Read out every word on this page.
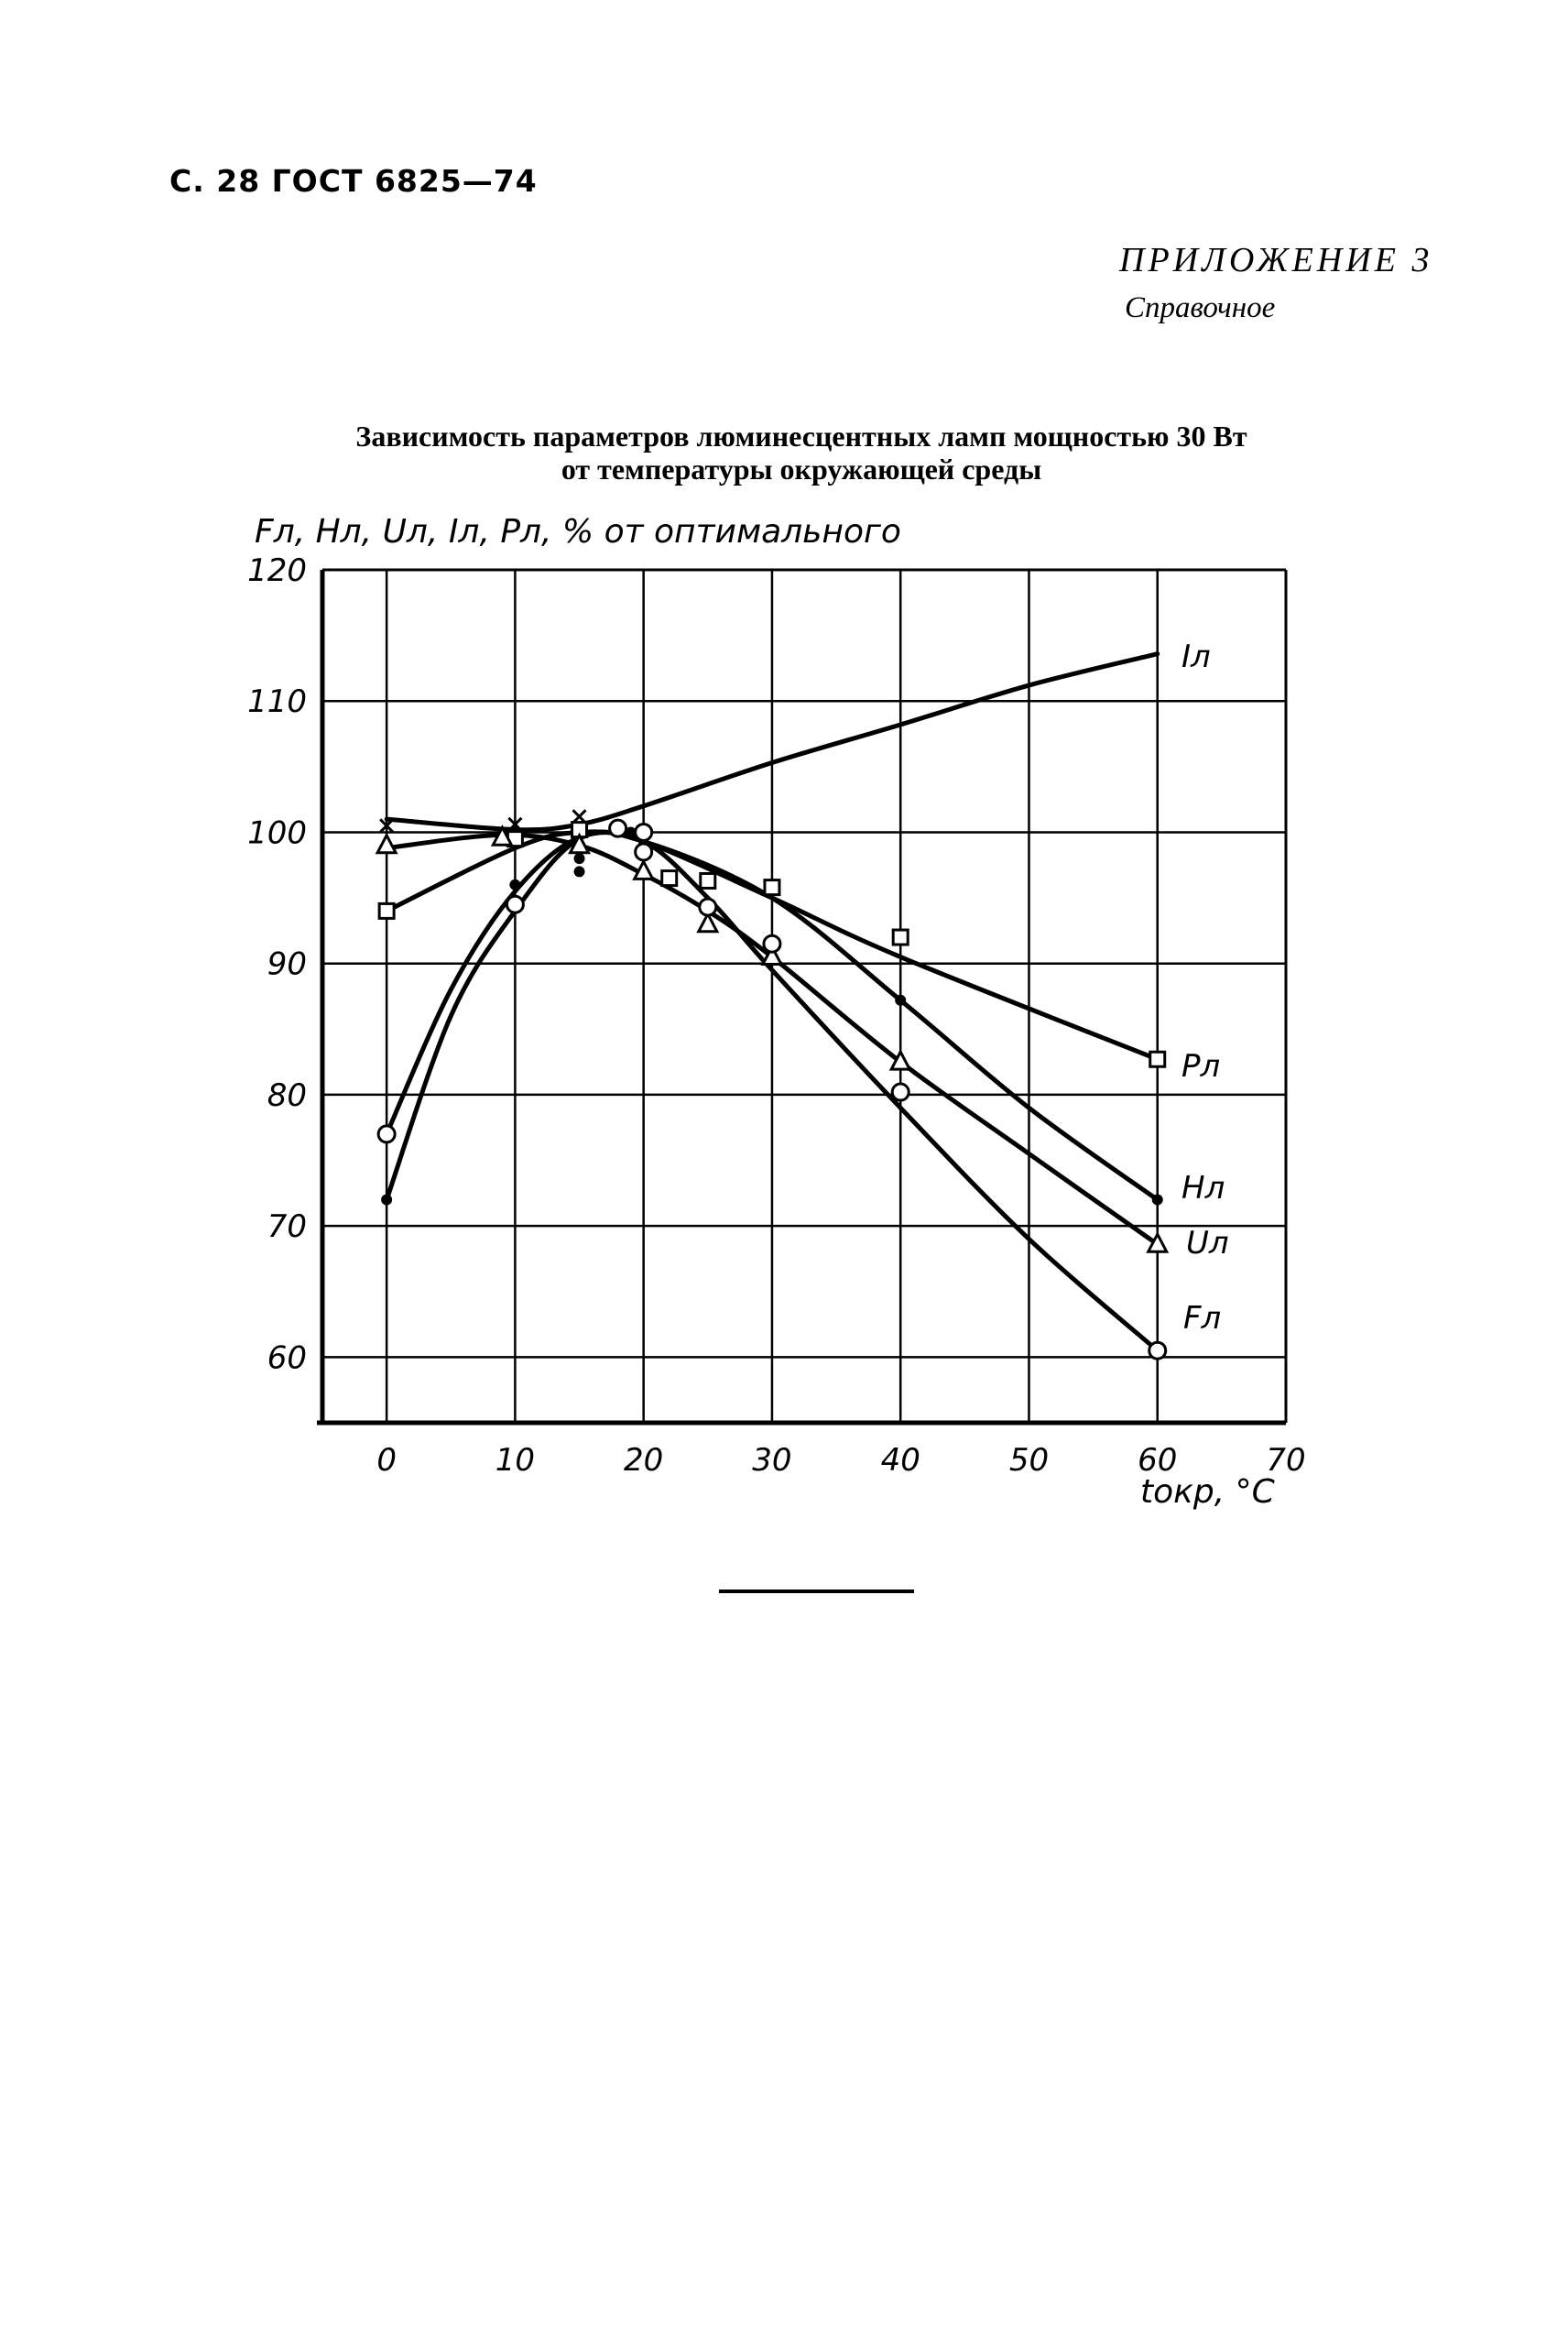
С. 28 ГОСТ 6825—74
ПРИЛОЖЕНИЕ 3
Справочное
Зависимость параметров люминесцентных ламп мощностью 30 Вт
от температуры окружающей среды
0	10	20	30	40	50	60	70
60
70
80
90
100
110
120
Iл
Pл
Hл
Uл
Fл
Fл, Hл, Uл, Iл, Pл, % от оптимального
tокр, °С
